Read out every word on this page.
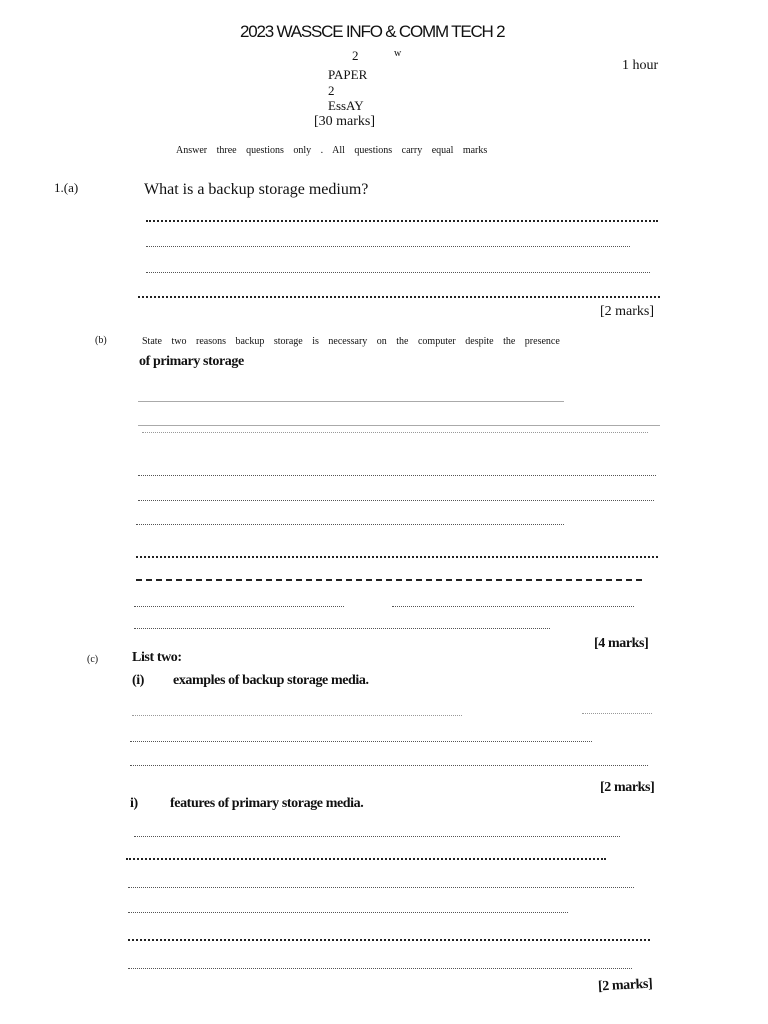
2023 WASSCE INFO & COMM TECH 2
2	w
PAPER
2
EssAY
[30 marks]
1 hour
Answer three questions only . All questions carry equal marks
1.(a)	What is a backup storage medium?
[2 marks]
(b)	State two reasons backup storage is necessary on the computer despite the presence
of primary storage
[4 marks]
(c) List two:
(i) examples of backup storage media.
[2 marks]
i) features of primary storage media.
[2 marks]
